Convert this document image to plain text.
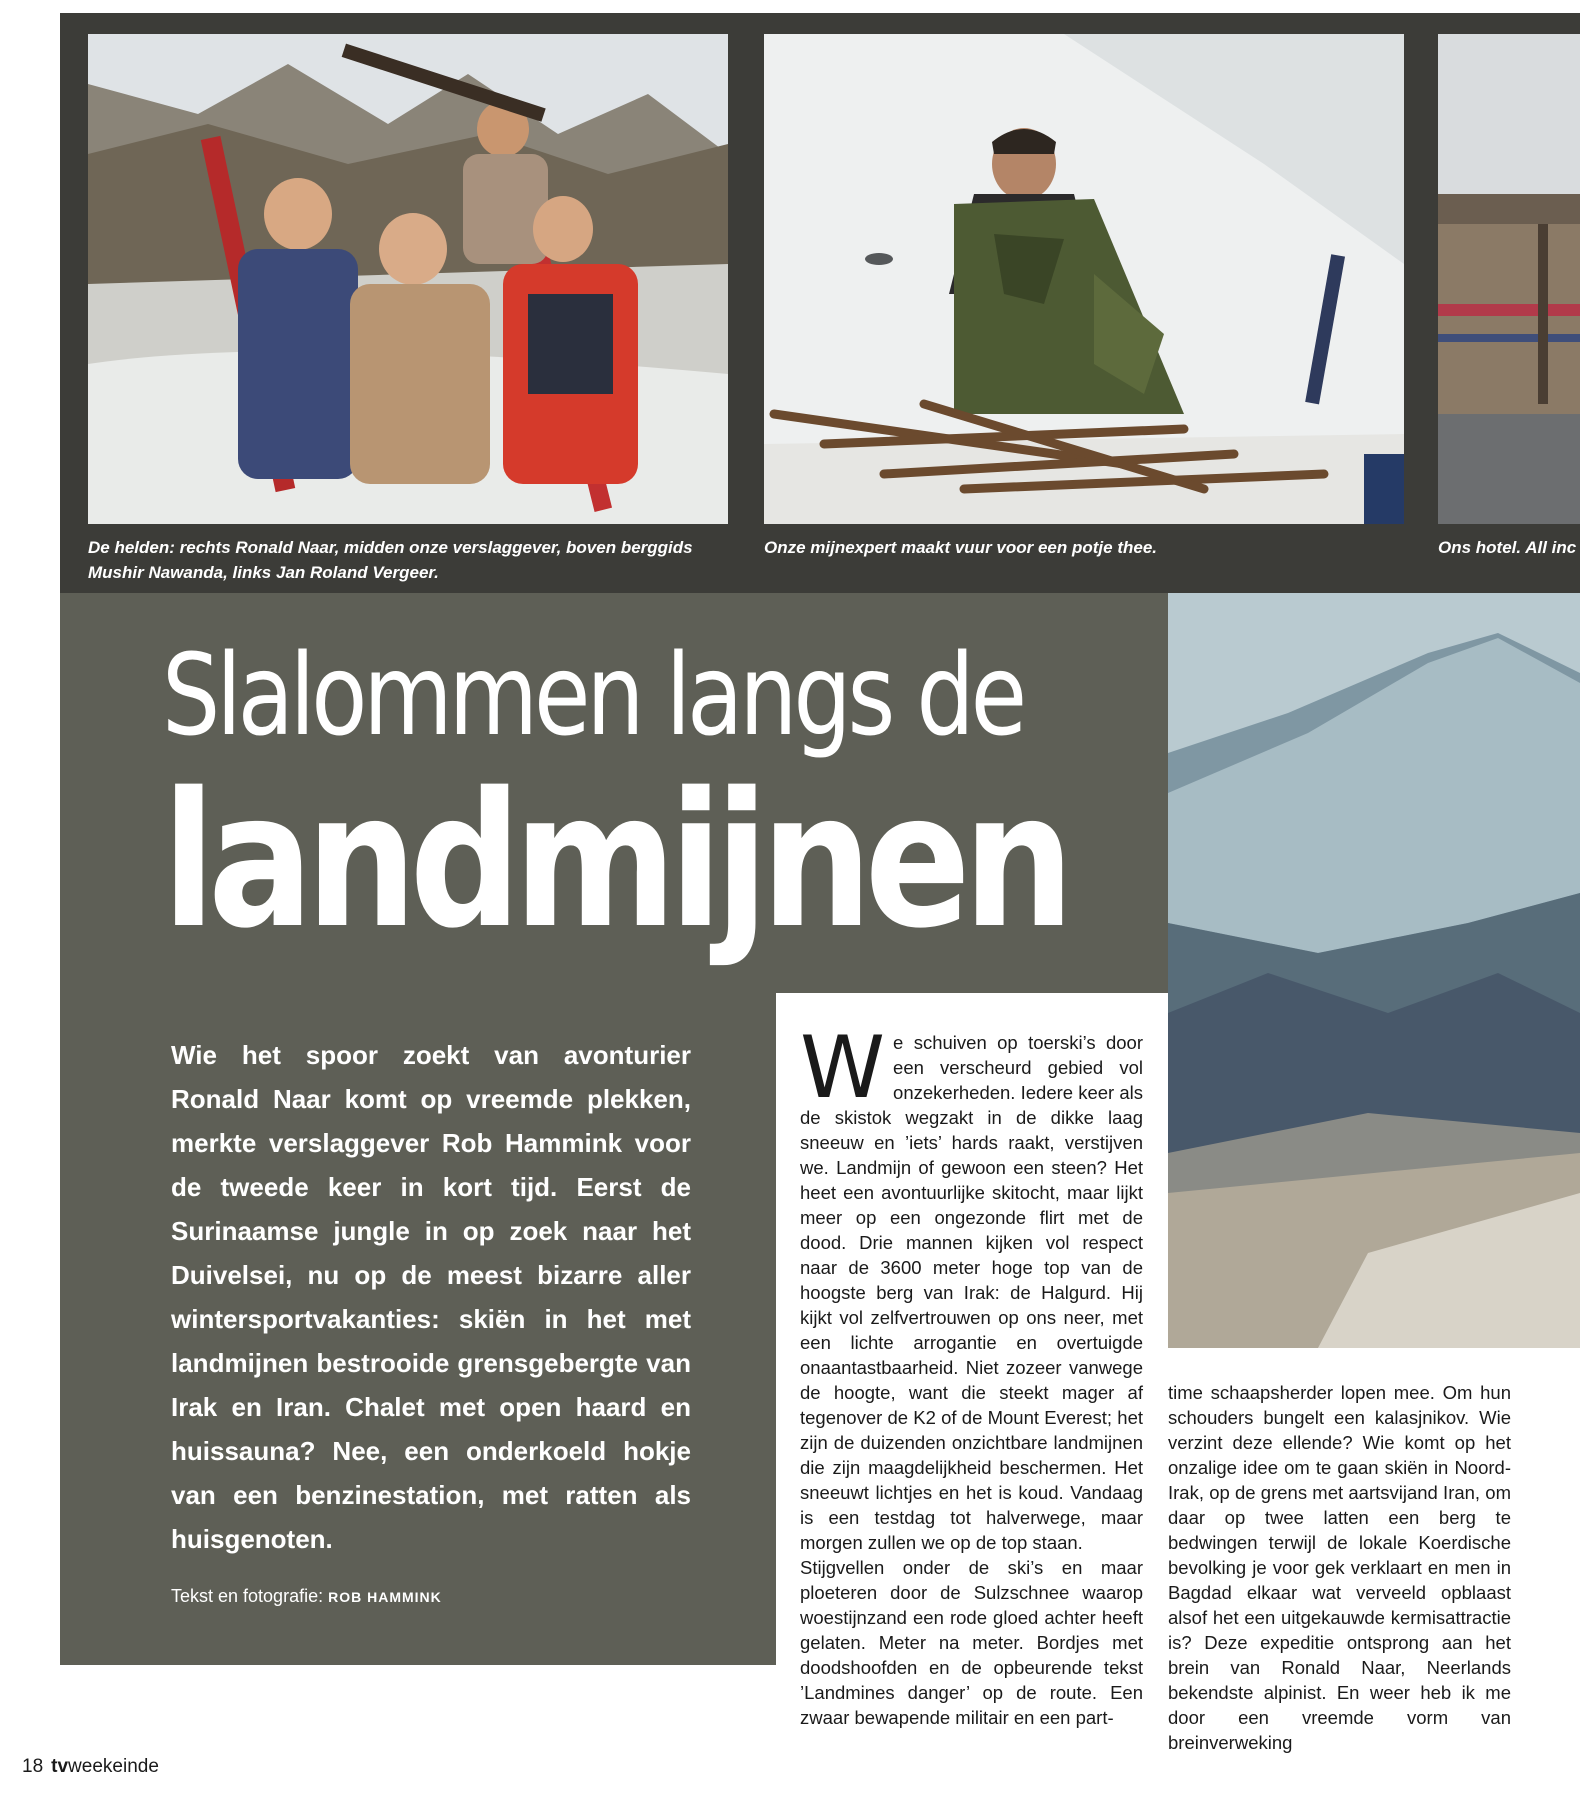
De helden: rechts Ronald Naar, midden onze verslaggever, boven berggids Mushir Nawanda, links Jan Roland Vergeer.
Onze mijnexpert maakt vuur voor een potje thee.	Ons hotel. All inc
Slalommen langs de
landmijnen
Wie het spoor zoekt van avonturier Ronald Naar komt op vreemde plekken, merkte verslaggever Rob Hammink voor de tweede keer in kort tijd. Eerst de Surinaamse jungle in op zoek naar het Duivelsei, nu op de meest bizarre aller wintersportvakanties: skiën in het met landmijnen bestrooide grensgebergte van Irak en Iran. Chalet met open haard en huissauna? Nee, een onderkoeld hokje van een benzinestation, met ratten als huisgenoten.
Tekst en fotografie: ROB HAMMINK
W e schuiven op toerski’s door een verscheurd gebied vol onzekerheden. Iedere keer als de skistok wegzakt in de dikke laag sneeuw en ’iets’ hards raakt, verstijven we. Landmijn of gewoon een steen? Het heet een avontuurlijke skitocht, maar lijkt meer op een ongezonde flirt met de dood. Drie mannen kijken vol respect naar de 3600 meter hoge top van de hoogste berg van Irak: de Halgurd. Hij kijkt vol zelfvertrouwen op ons neer, met een lichte arrogantie en overtuigde onaantastbaarheid. Niet zozeer vanwege de hoogte, want die steekt mager af tegenover de K2 of de Mount Everest; het zijn de duizenden onzichtbare landmijnen die zijn maagdelijkheid beschermen. Het sneeuwt lichtjes en het is koud. Vandaag is een testdag tot halverwege, maar morgen zullen we op de top staan.

Stijgvellen onder de ski’s en maar ploeteren door de Sulzschnee waarop woestijnzand een rode gloed achter heeft gelaten. Meter na meter. Bordjes met doodshoofden en de opbeurende tekst ’Landmines danger’ op de route. Een zwaar bewapende militair en een part-

time schaapsherder lopen mee. Om hun schouders bungelt een kalasjnikov. Wie verzint deze ellende? Wie komt op het onzalige idee om te gaan skiën in Noord-Irak, op de grens met aartsvijand Iran, om daar op twee latten een berg te bedwingen terwijl de lokale Koerdische bevolking je voor gek verklaart en men in Bagdad elkaar wat verveeld opblaast alsof het een uitgekauwde kermisattractie is? Deze expeditie ontsprong aan het brein van Ronald Naar, Neerlands bekendste alpinist. En weer heb ik me door een vreemde vorm van breinverweking

18 tvweekeinde
